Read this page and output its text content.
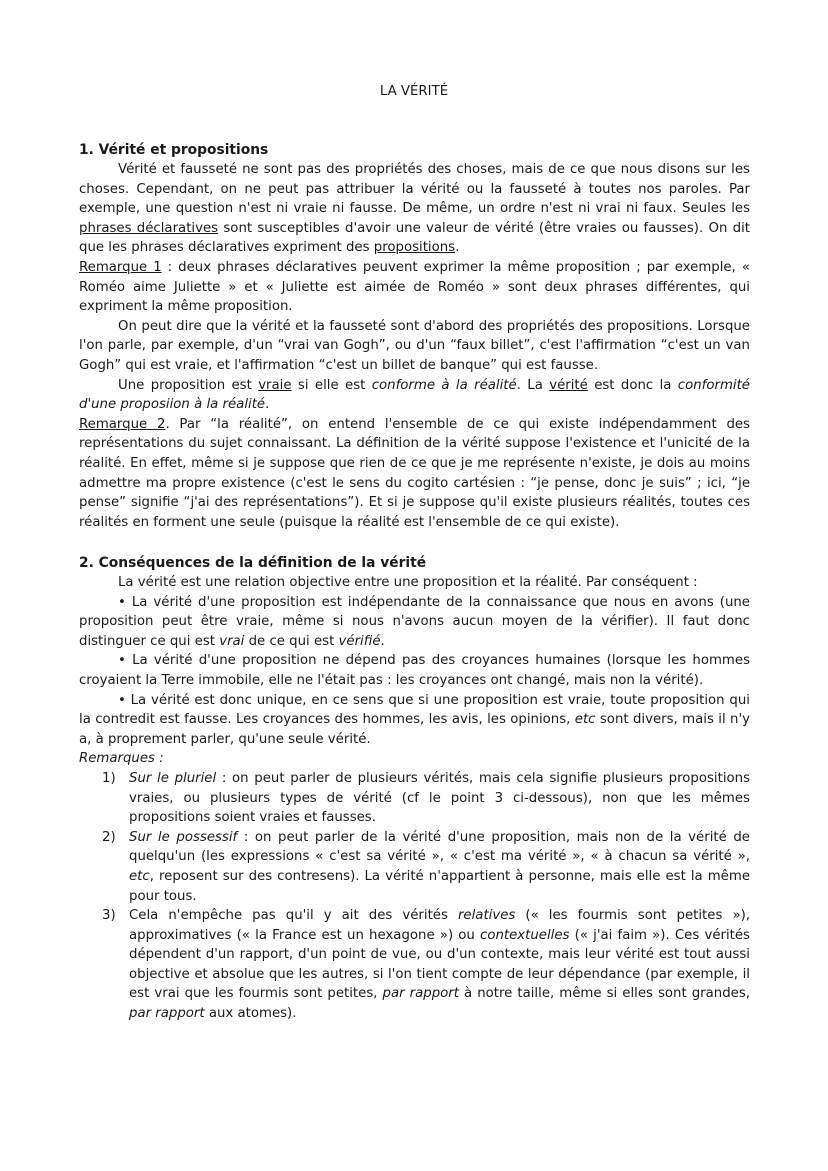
LA VÉRITÉ
1. Vérité et propositions

Vérité et fausseté ne sont pas des propriétés des choses, mais de ce que nous disons sur les choses. Cependant, on ne peut pas attribuer la vérité ou la fausseté à toutes nos paroles. Par exemple, une question n'est ni vraie ni fausse. De même, un ordre n'est ni vrai ni faux. Seules les phrases déclaratives sont susceptibles d'avoir une valeur de vérité (être vraies ou fausses). On dit que les phrases déclaratives expriment des propositions.

Remarque 1 : deux phrases déclaratives peuvent exprimer la même proposition ; par exemple, « Roméo aime Juliette » et « Juliette est aimée de Roméo » sont deux phrases différentes, qui expriment la même proposition.

On peut dire que la vérité et la fausseté sont d'abord des propriétés des propositions. Lorsque l'on parle, par exemple, d'un “vrai van Gogh”, ou d'un “faux billet”, c'est l'affirmation “c'est un van Gogh” qui est vraie, et l'affirmation “c'est un billet de banque” qui est fausse.

Une proposition est vraie si elle est conforme à la réalité. La vérité est donc la conformité d'une proposiion à la réalité.

Remarque 2. Par “la réalité”, on entend l'ensemble de ce qui existe indépendamment des représentations du sujet connaissant. La définition de la vérité suppose l'existence et l'unicité de la réalité. En effet, même si je suppose que rien de ce que je me représente n'existe, je dois au moins admettre ma propre existence (c'est le sens du cogito cartésien : “je pense, donc je suis” ; ici, “je pense” signifie “j'ai des représentations”). Et si je suppose qu'il existe plusieurs réalités, toutes ces réalités en forment une seule (puisque la réalité est l'ensemble de ce qui existe).

2. Conséquences de la définition de la vérité

La vérité est une relation objective entre une proposition et la réalité. Par conséquent :

• La vérité d'une proposition est indépendante de la connaissance que nous en avons (une proposition peut être vraie, même si nous n'avons aucun moyen de la vérifier). Il faut donc distinguer ce qui est vrai de ce qui est vérifié.

• La vérité d'une proposition ne dépend pas des croyances humaines (lorsque les hommes croyaient la Terre immobile, elle ne l'était pas : les croyances ont changé, mais non la vérité).

• La vérité est donc unique, en ce sens que si une proposition est vraie, toute proposition qui la contredit est fausse. Les croyances des hommes, les avis, les opinions, etc sont divers, mais il n'y a, à proprement parler, qu'une seule vérité.

Remarques :

1) Sur le pluriel : on peut parler de plusieurs vérités, mais cela signifie plusieurs propositions vraies, ou plusieurs types de vérité (cf le point 3 ci-dessous), non que les mêmes propositions soient vraies et fausses.
2) Sur le possessif : on peut parler de la vérité d'une proposition, mais non de la vérité de quelqu'un (les expressions « c'est sa vérité », « c'est ma vérité », « à chacun sa vérité », etc, reposent sur des contresens). La vérité n'appartient à personne, mais elle est la même pour tous.
3) Cela n'empêche pas qu'il y ait des vérités relatives (« les fourmis sont petites »), approximatives (« la France est un hexagone ») ou contextuelles (« j'ai faim »). Ces vérités dépendent d'un rapport, d'un point de vue, ou d'un contexte, mais leur vérité est tout aussi objective et absolue que les autres, si l'on tient compte de leur dépendance (par exemple, il est vrai que les fourmis sont petites, par rapport à notre taille, même si elles sont grandes, par rapport aux atomes).
